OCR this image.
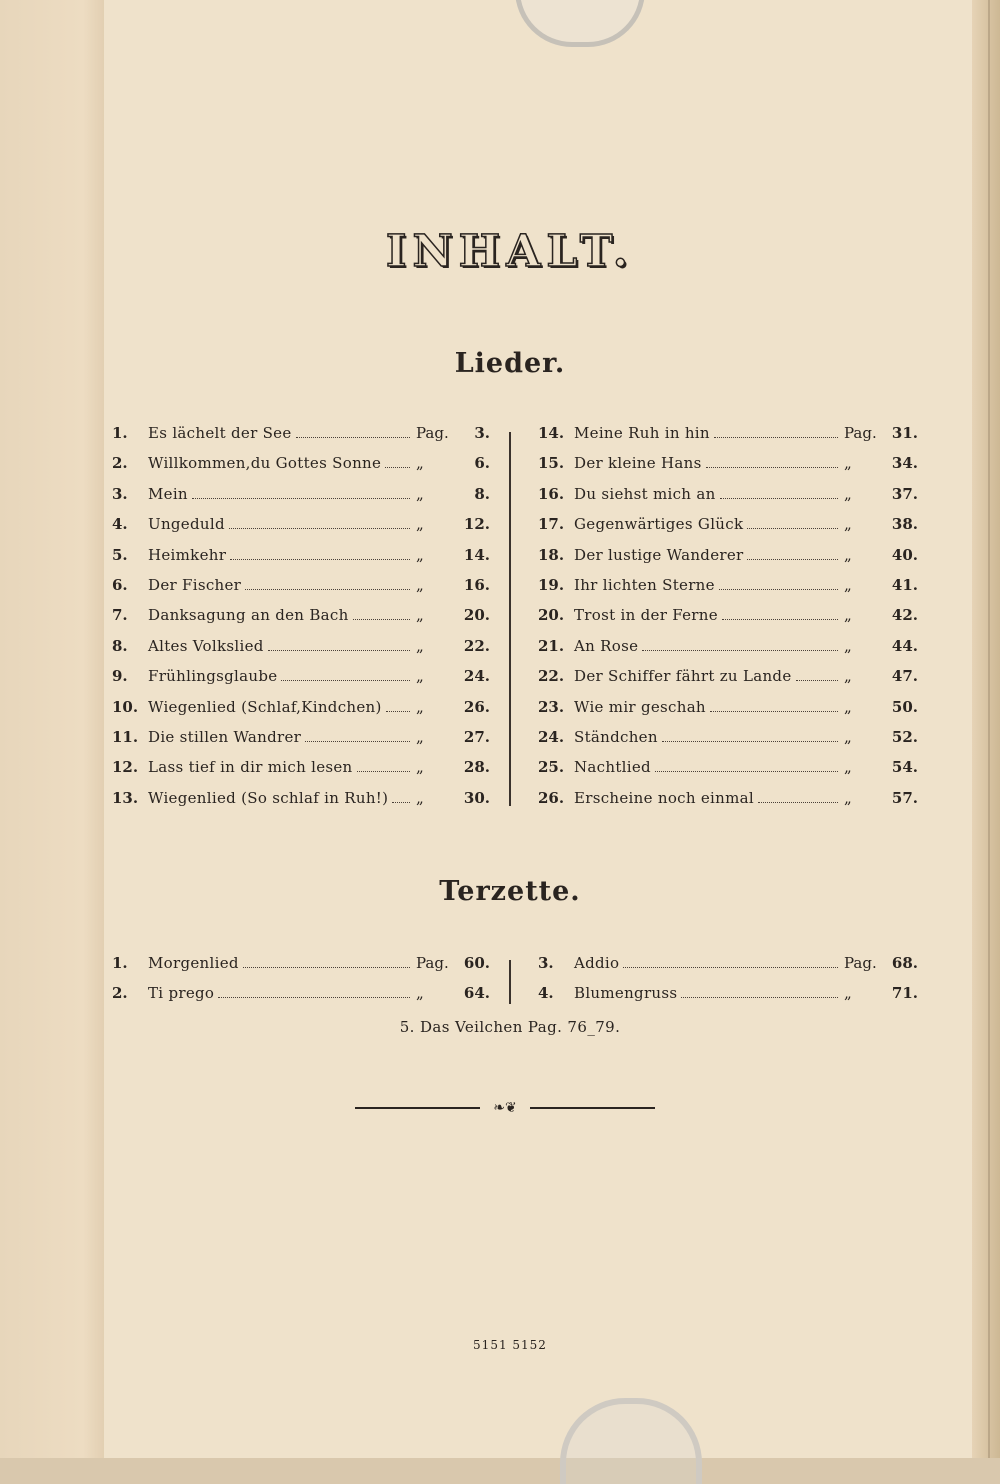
INHALT.
Lieder.
1.	Es lächelt der See	Pag.	3.
2.	Willkommen,du Gottes Sonne „	6.
3.	Mein	„	8.
4.	Ungeduld	„	12.
5.	Heimkehr	„	14.
6.	Der Fischer	„	16.
7.	Danksagung an den Bach	„	20.
8.	Altes Volkslied	„	22.
9.	Frühlingsglaube	„	24.
10. Wiegenlied (Schlaf,Kindchen) „	26.
11. Die stillen Wandrer	„	27.
12. Lass tief in dir mich lesen	„	28.
13. Wiegenlied (So schlaf in Ruh!) „	30.
14. Meine Ruh in hin	Pag.	31.
15. Der kleine Hans	„	34.
16. Du siehst mich an	„	37.
17. Gegenwärtiges Glück	„	38.
18. Der lustige Wanderer	„	40.
19. Ihr lichten Sterne	„	41.
20. Trost in der Ferne	„	42.
21. An Rose	„	44.
22. Der Schiffer fährt zu Lande	„	47.
23. Wie mir geschah	„	50.
24. Ständchen	„	52.
25. Nachtlied	„	54.
26. Erscheine noch einmal	„	57.
Terzette.
1.	Morgenlied	Pag.	60.
2.	Ti prego	„	64.
3.	Addio	Pag.	68.
4.	Blumengruss	„	71.
5. Das Veilchen Pag. 76_79.
❧❦
5151 5152
